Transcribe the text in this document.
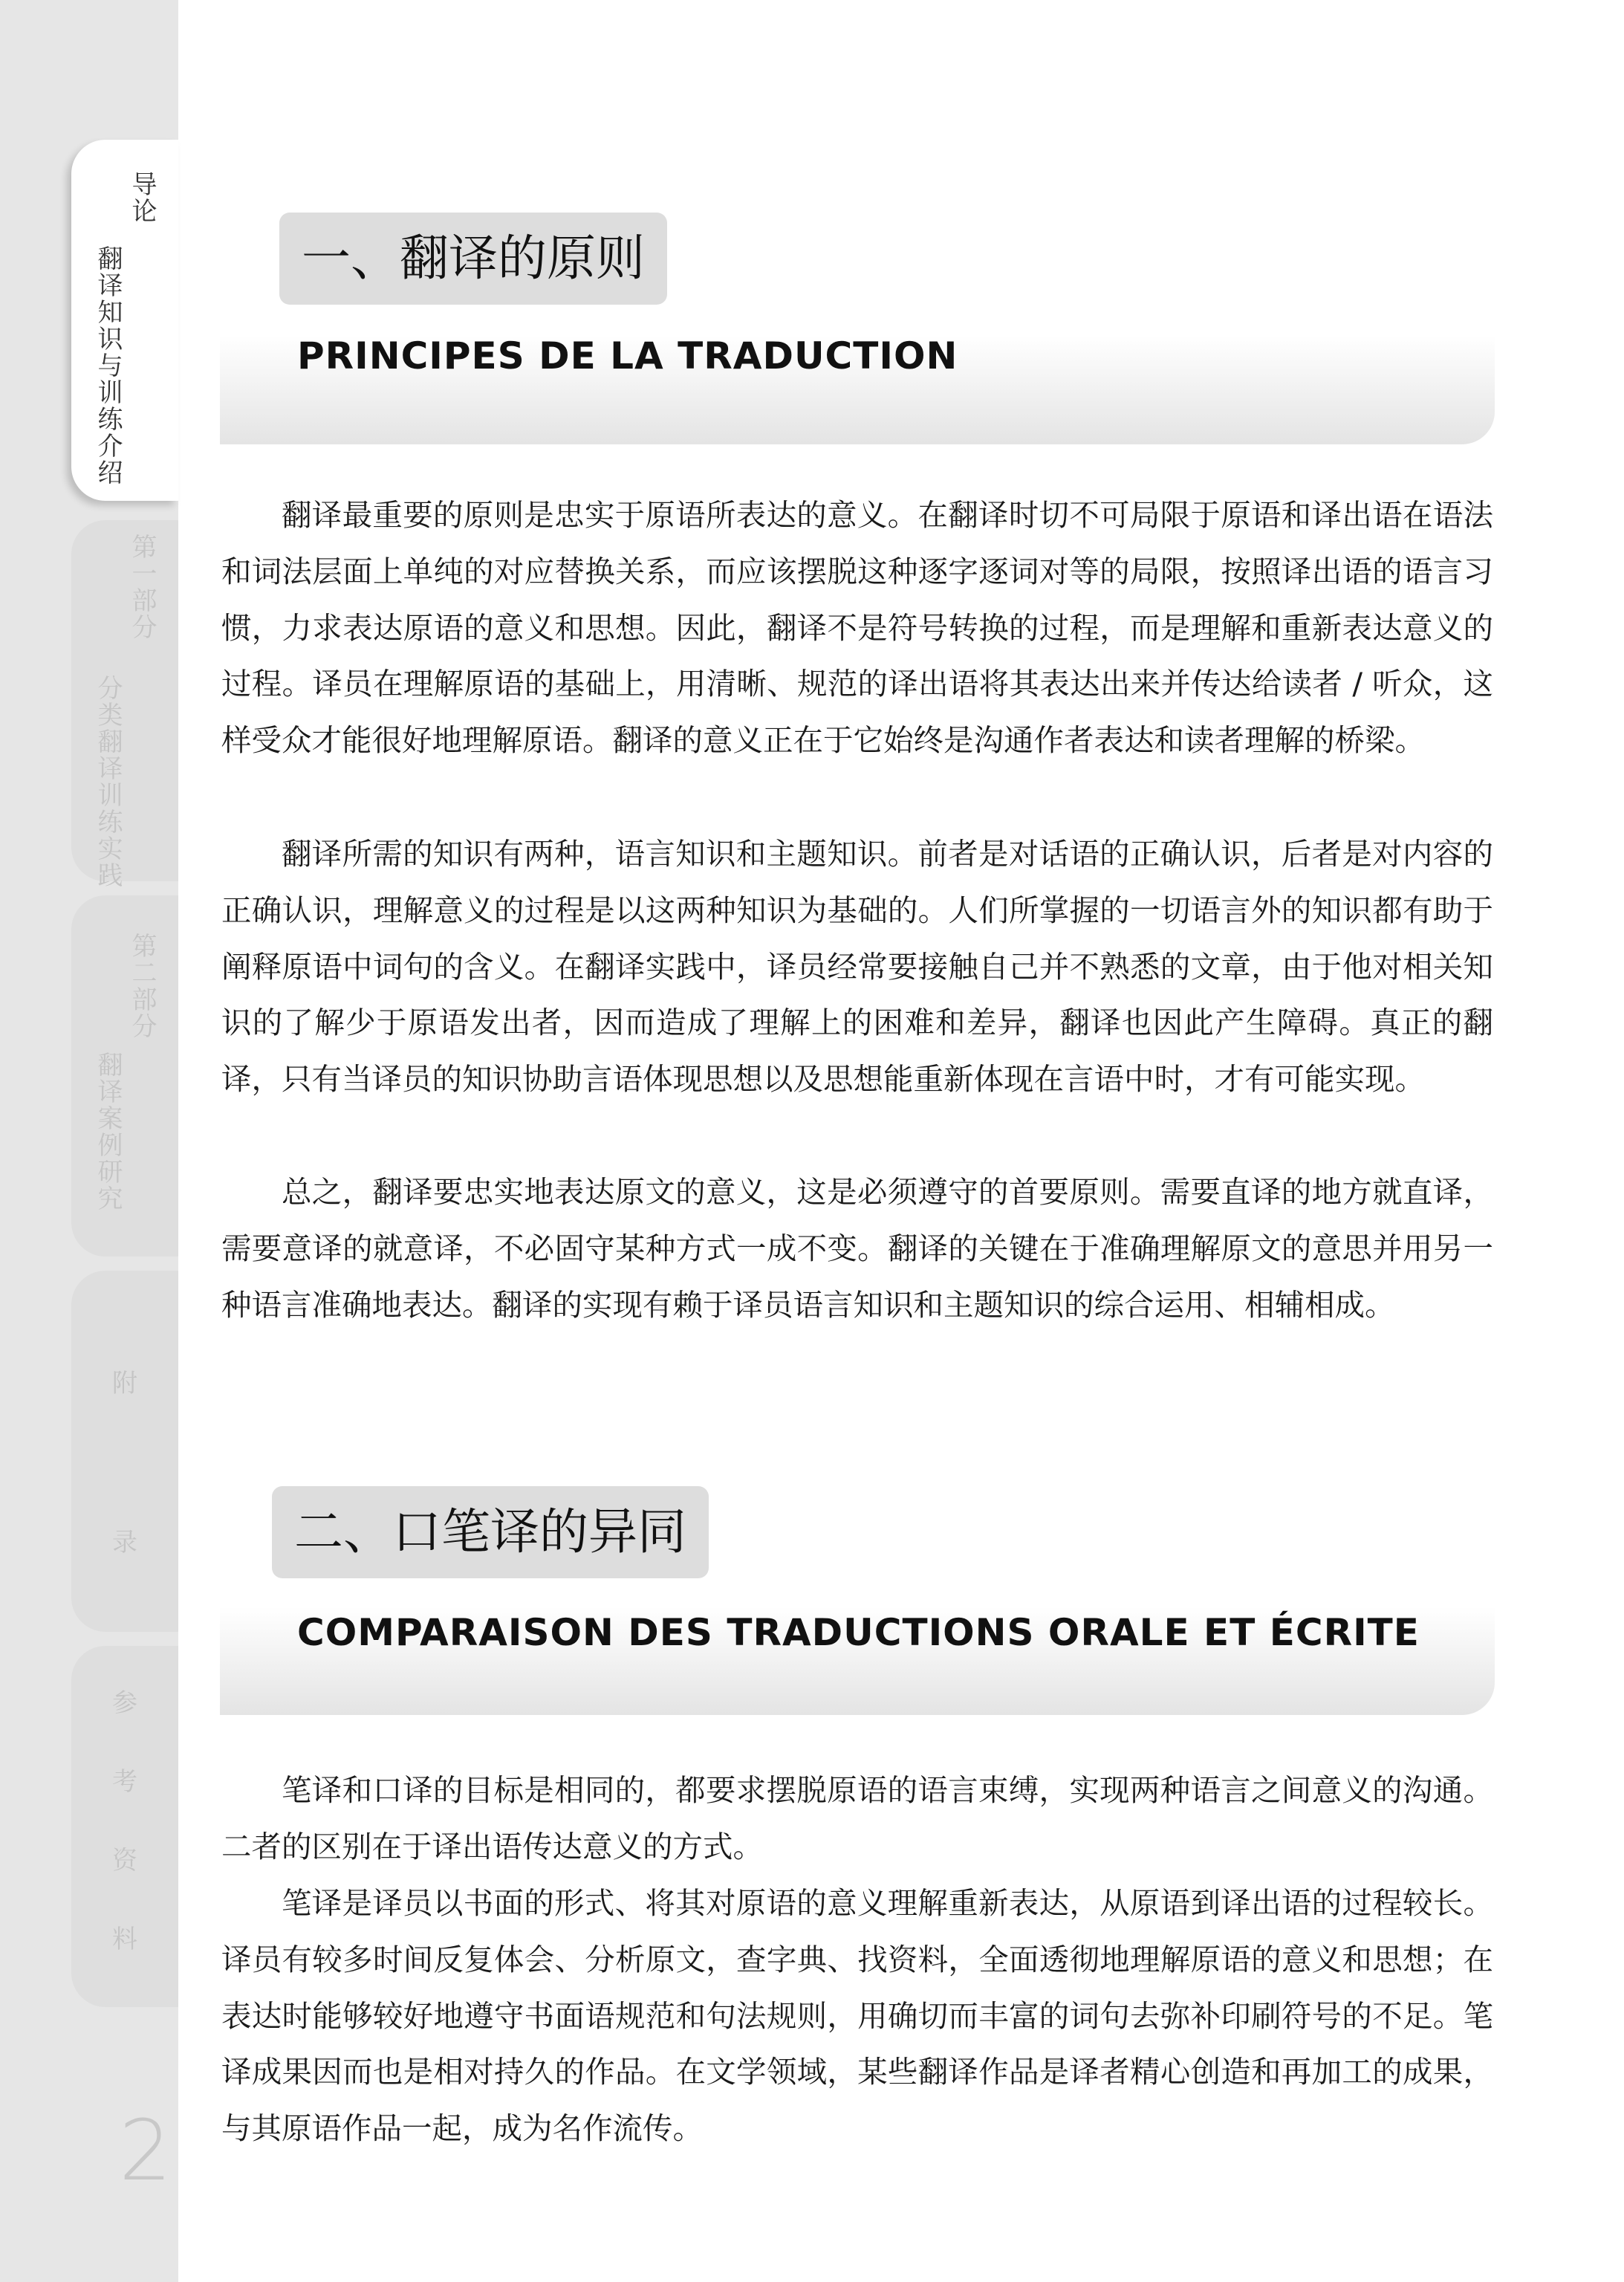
导论
翻译知识与训练介绍
第一部分
分类翻译训练实践
第二部分
翻译案例研究
附
录
参
考
资
料
2
一、翻译的原则
PRINCIPES DE LA TRADUCTION

翻译最重要的原则是忠实于原语所表达的意义。在翻译时切不可局限于原语和译出语在语法和词法层面上单纯的对应替换关系，而应该摆脱这种逐字逐词对等的局限，按照译出语的语言习惯，力求表达原语的意义和思想。因此，翻译不是符号转换的过程，而是理解和重新表达意义的过程。译员在理解原语的基础上，用清晰、规范的译出语将其表达出来并传达给读者 / 听众，这样受众才能很好地理解原语。翻译的意义正在于它始终是沟通作者表达和读者理解的桥梁。

翻译所需的知识有两种，语言知识和主题知识。前者是对话语的正确认识，后者是对内容的正确认识，理解意义的过程是以这两种知识为基础的。人们所掌握的一切语言外的知识都有助于阐释原语中词句的含义。在翻译实践中，译员经常要接触自己并不熟悉的文章，由于他对相关知识的了解少于原语发出者，因而造成了理解上的困难和差异，翻译也因此产生障碍。真正的翻译，只有当译员的知识协助言语体现思想以及思想能重新体现在言语中时，才有可能实现。

总之，翻译要忠实地表达原文的意义，这是必须遵守的首要原则。需要直译的地方就直译，需要意译的就意译，不必固守某种方式一成不变。翻译的关键在于准确理解原文的意思并用另一种语言准确地表达。翻译的实现有赖于译员语言知识和主题知识的综合运用、相辅相成。

二、口笔译的异同
COMPARAISON DES TRADUCTIONS ORALE ET ÉCRITE

笔译和口译的目标是相同的，都要求摆脱原语的语言束缚，实现两种语言之间意义的沟通。二者的区别在于译出语传达意义的方式。

笔译是译员以书面的形式、将其对原语的意义理解重新表达，从原语到译出语的过程较长。译员有较多时间反复体会、分析原文，查字典、找资料，全面透彻地理解原语的意义和思想；在表达时能够较好地遵守书面语规范和句法规则，用确切而丰富的词句去弥补印刷符号的不足。笔译成果因而也是相对持久的作品。在文学领域，某些翻译作品是译者精心创造和再加工的成果，与其原语作品一起，成为名作流传。
